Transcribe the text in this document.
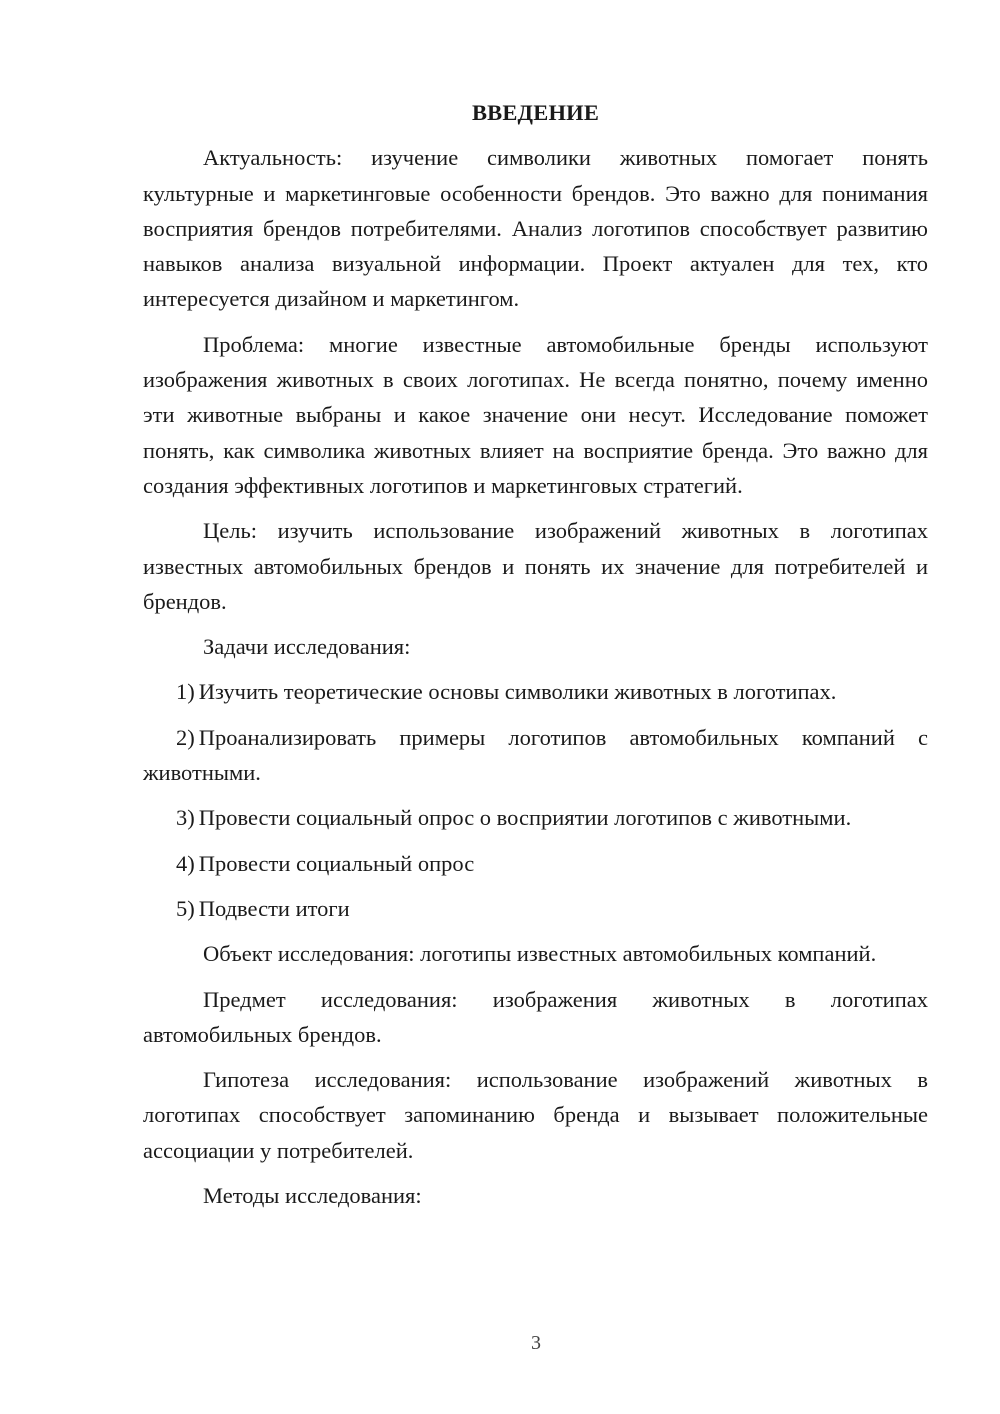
ВВЕДЕНИЕ

Актуальность: изучение символики животных помогает понять культурные и маркетинговые особенности брендов. Это важно для понимания восприятия брендов потребителями. Анализ логотипов способствует развитию навыков анализа визуальной информации. Проект актуален для тех, кто интересуется дизайном и маркетингом.

Проблема: многие известные автомобильные бренды используют изображения животных в своих логотипах. Не всегда понятно, почему именно эти животные выбраны и какое значение они несут. Исследование поможет понять, как символика животных влияет на восприятие бренда. Это важно для создания эффективных логотипов и маркетинговых стратегий.

Цель: изучить использование изображений животных в логотипах известных автомобильных брендов и понять их значение для потребителей и брендов.

Задачи исследования:

1) Изучить теоретические основы символики животных в логотипах.

2) Проанализировать примеры логотипов автомобильных компаний с животными.

3) Провести социальный опрос о восприятии логотипов с животными.

4) Провести социальный опрос

5) Подвести итоги

Объект исследования: логотипы известных автомобильных компаний.

Предмет исследования: изображения животных в логотипах автомобильных брендов.

Гипотеза исследования: использование изображений животных в логотипах способствует запоминанию бренда и вызывает положительные ассоциации у потребителей.

Методы исследования:

3
